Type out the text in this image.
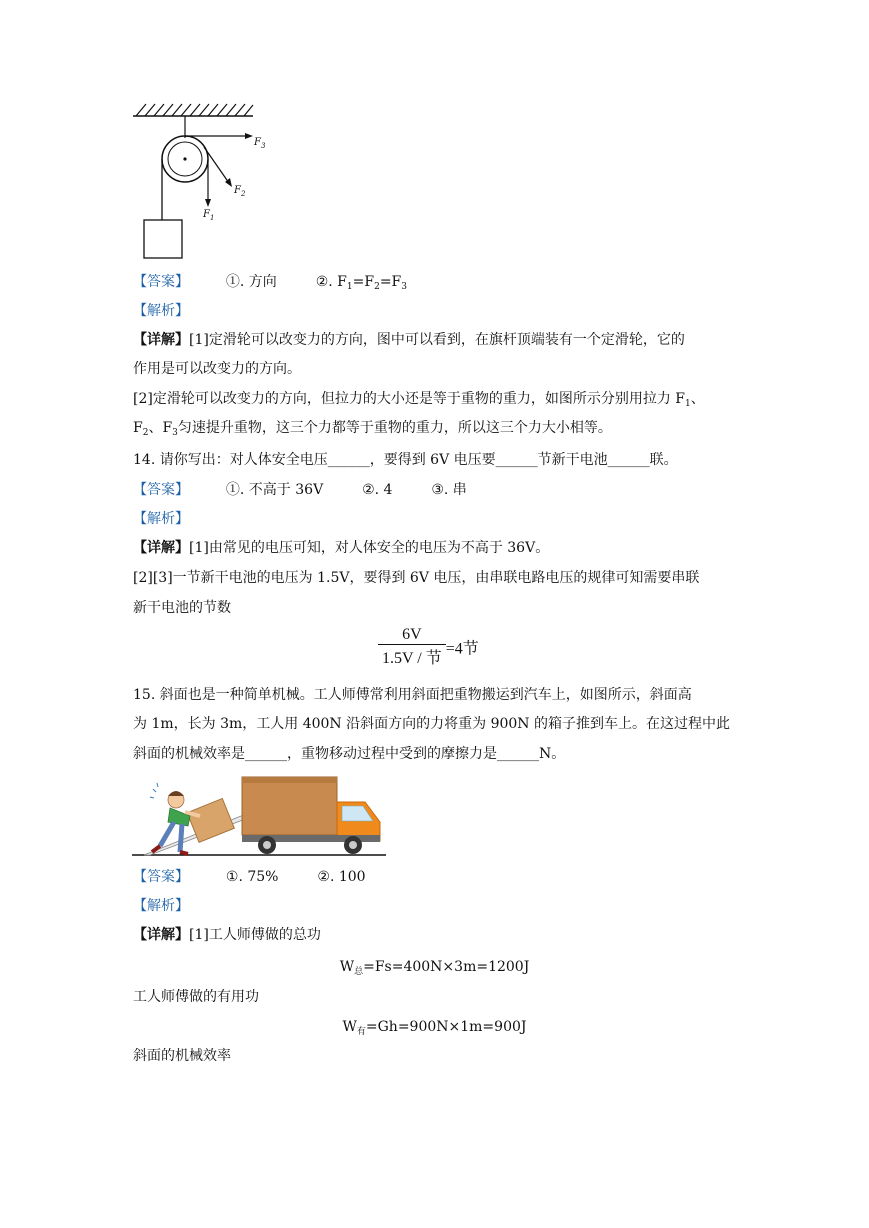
$F_3$
$F_2$
$F_1$
【答案】	①. 方向	②. $F_1=F_2=F_3$
【解析】
【详解】[1]定滑轮可以改变力的方向，图中可以看到，在旗杆顶端装有一个定滑轮，它的
作用是可以改变力的方向。
[2]定滑轮可以改变力的方向，但拉力的大小还是等于重物的重力，如图所示分别用拉力 $F_1$、
$F_2$、$F_3$匀速提升重物，这三个力都等于重物的重力，所以这三个力大小相等。
14. 请你写出：对人体安全电压______，要得到 6V 电压要______节新干电池______联。
【答案】	①. 不高于 36V	②. 4	③. 串
【解析】
【详解】[1]由常见的电压可知，对人体安全的电压为不高于 36V。
[2][3]一节新干电池的电压为 1.5V，要得到 6V 电压，由串联电路电压的规律可知需要串联
新干电池的节数
6V
1.5V / 节
=4节
15. 斜面也是一种简单机械。工人师傅常利用斜面把重物搬运到汽车上，如图所示，斜面高
为 1m，长为 3m，工人用 400N 沿斜面方向的力将重为 900N 的箱子推到车上。在这过程中此
斜面的机械效率是______，重物移动过程中受到的摩擦力是______N。
【答案】	①. 75%	②. 100
【解析】
【详解】[1]工人师傅做的总功
$W_总=Fs=400N\times 3m=1200J$
工人师傅做的有用功
$W_有=Gh=900N\times 1m=900J$
斜面的机械效率
